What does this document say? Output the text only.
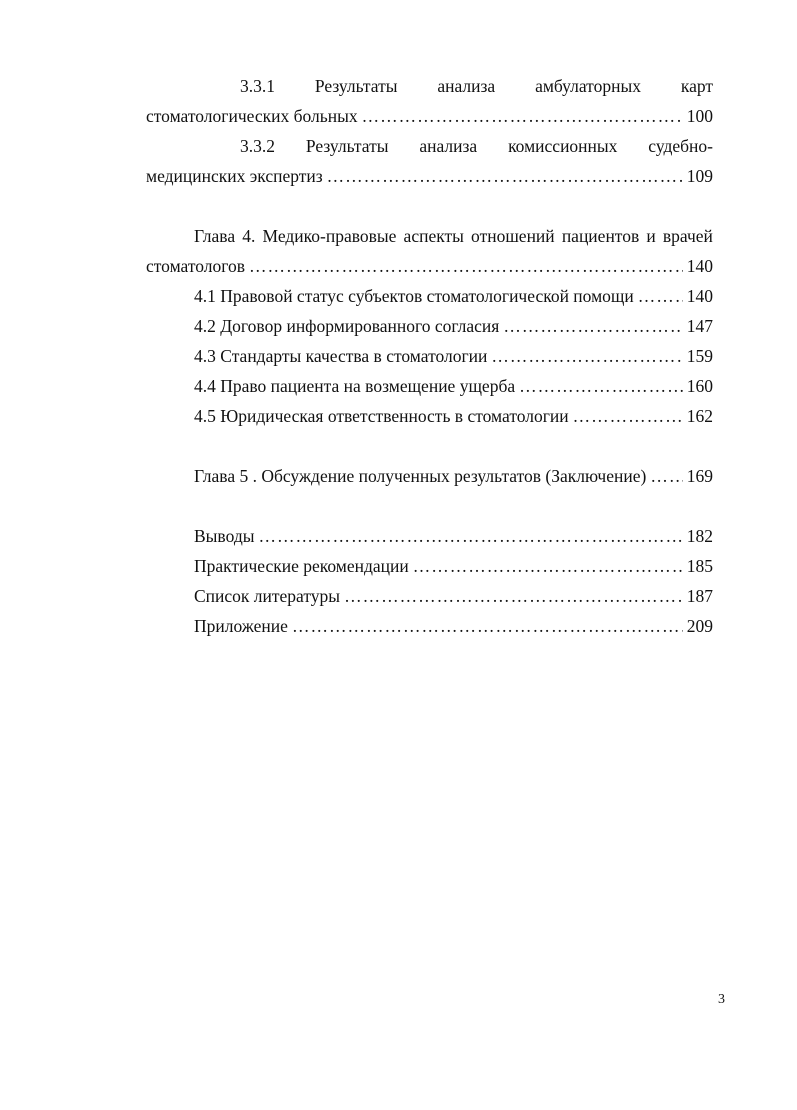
3.3.1 Результаты анализа амбулаторных карт
стоматологических больных ……………………………………………………………………………………………………………………………………………………………………	100
3.3.2 Результаты анализа комиссионных судебно-
медицинских экспертиз ……………………………………………………………………………………………………………………………………………………………………	109
Глава 4. Медико-правовые аспекты отношений пациентов и врачей
стоматологов ……………………………………………………………………………………………………………………………………………………………………	140
4.1 Правовой статус субъектов стоматологической помощи ……………………………………………………………………………………………………………………………………………………………………	140
4.2 Договор информированного согласия ……………………………………………………………………………………………………………………………………………………………………	147
4.3 Стандарты качества в стоматологии ……………………………………………………………………………………………………………………………………………………………………	159
4.4 Право пациента на возмещение ущерба ……………………………………………………………………………………………………………………………………………………………………	160
4.5 Юридическая ответственность в стоматологии ……………………………………………………………………………………………………………………………………………………………………	162
Глава 5 . Обсуждение полученных результатов (Заключение) …………………………………………………………………………………………………………………………………………………………………… 169
Выводы ……………………………………………………………………………………………………………………………………………………………………	182
Практические рекомендации ……………………………………………………………………………………………………………………………………………………………………	185
Список литературы ……………………………………………………………………………………………………………………………………………………………………	187
Приложение ……………………………………………………………………………………………………………………………………………………………………	209
3
